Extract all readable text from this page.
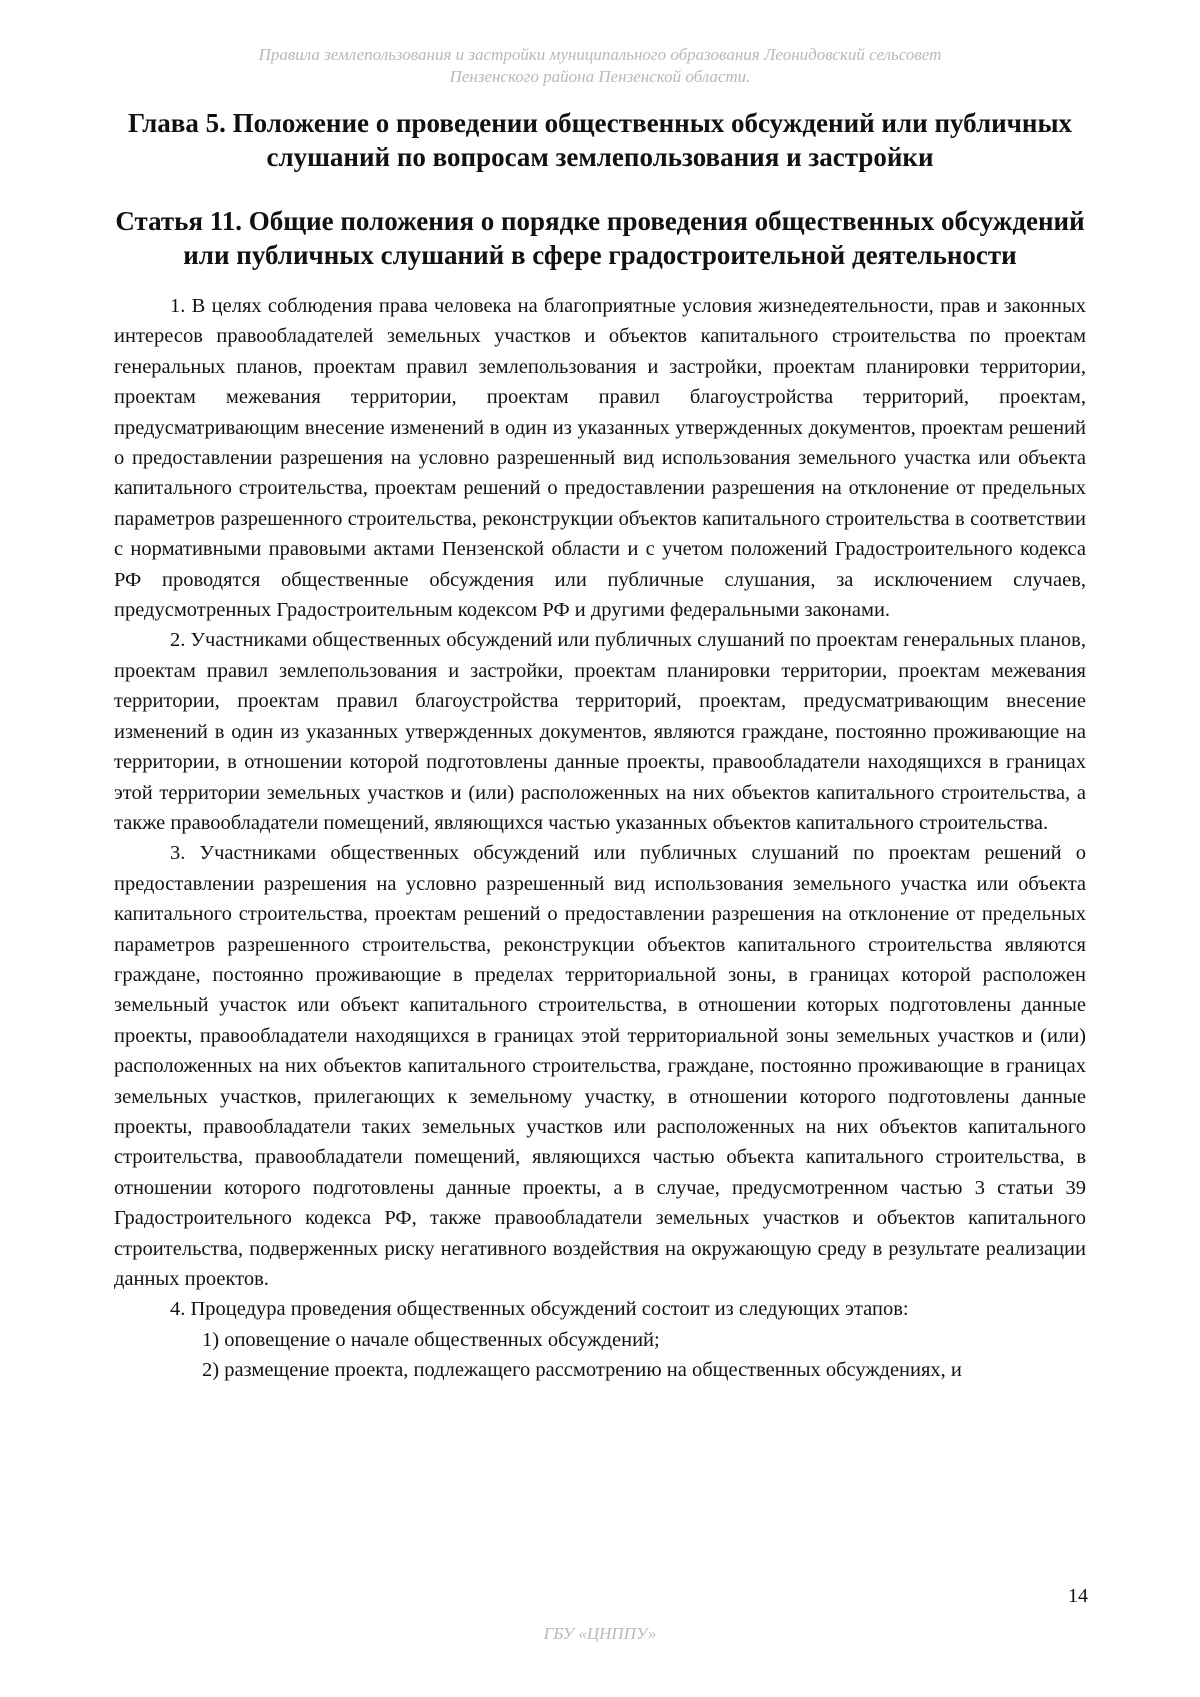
Правила землепользования и застройки муниципального образования Леонидовский сельсовет
Пензенского района Пензенской области.
Глава 5. Положение о проведении общественных обсуждений или публичных слушаний по вопросам землепользования и застройки
Статья 11. Общие положения о порядке проведения общественных обсуждений или публичных слушаний в сфере градостроительной деятельности

1. В целях соблюдения права человека на благоприятные условия жизнедеятельности, прав и законных интересов правообладателей земельных участков и объектов капитального строительства по проектам генеральных планов, проектам правил землепользования и застройки, проектам планировки территории, проектам межевания территории, проектам правил благоустройства территорий, проектам, предусматривающим внесение изменений в один из указанных утвержденных документов, проектам решений о предоставлении разрешения на условно разрешенный вид использования земельного участка или объекта капитального строительства, проектам решений о предоставлении разрешения на отклонение от предельных параметров разрешенного строительства, реконструкции объектов капитального строительства в соответствии с нормативными правовыми актами Пензенской области и с учетом положений Градостроительного кодекса РФ проводятся общественные обсуждения или публичные слушания, за исключением случаев, предусмотренных Градостроительным кодексом РФ и другими федеральными законами.

2. Участниками общественных обсуждений или публичных слушаний по проектам генеральных планов, проектам правил землепользования и застройки, проектам планировки территории, проектам межевания территории, проектам правил благоустройства территорий, проектам, предусматривающим внесение изменений в один из указанных утвержденных документов, являются граждане, постоянно проживающие на территории, в отношении которой подготовлены данные проекты, правообладатели находящихся в границах этой территории земельных участков и (или) расположенных на них объектов капитального строительства, а также правообладатели помещений, являющихся частью указанных объектов капитального строительства.

3. Участниками общественных обсуждений или публичных слушаний по проектам решений о предоставлении разрешения на условно разрешенный вид использования земельного участка или объекта капитального строительства, проектам решений о предоставлении разрешения на отклонение от предельных параметров разрешенного строительства, реконструкции объектов капитального строительства являются граждане, постоянно проживающие в пределах территориальной зоны, в границах которой расположен земельный участок или объект капитального строительства, в отношении которых подготовлены данные проекты, правообладатели находящихся в границах этой территориальной зоны земельных участков и (или) расположенных на них объектов капитального строительства, граждане, постоянно проживающие в границах земельных участков, прилегающих к земельному участку, в отношении которого подготовлены данные проекты, правообладатели таких земельных участков или расположенных на них объектов капитального строительства, правообладатели помещений, являющихся частью объекта капитального строительства, в отношении которого подготовлены данные проекты, а в случае, предусмотренном частью 3 статьи 39 Градостроительного кодекса РФ, также правообладатели земельных участков и объектов капитального строительства, подверженных риску негативного воздействия на окружающую среду в результате реализации данных проектов.

4. Процедура проведения общественных обсуждений состоит из следующих этапов:

1) оповещение о начале общественных обсуждений;

2) размещение проекта, подлежащего рассмотрению на общественных обсуждениях, и

14
ГБУ «ЦНППУ»
